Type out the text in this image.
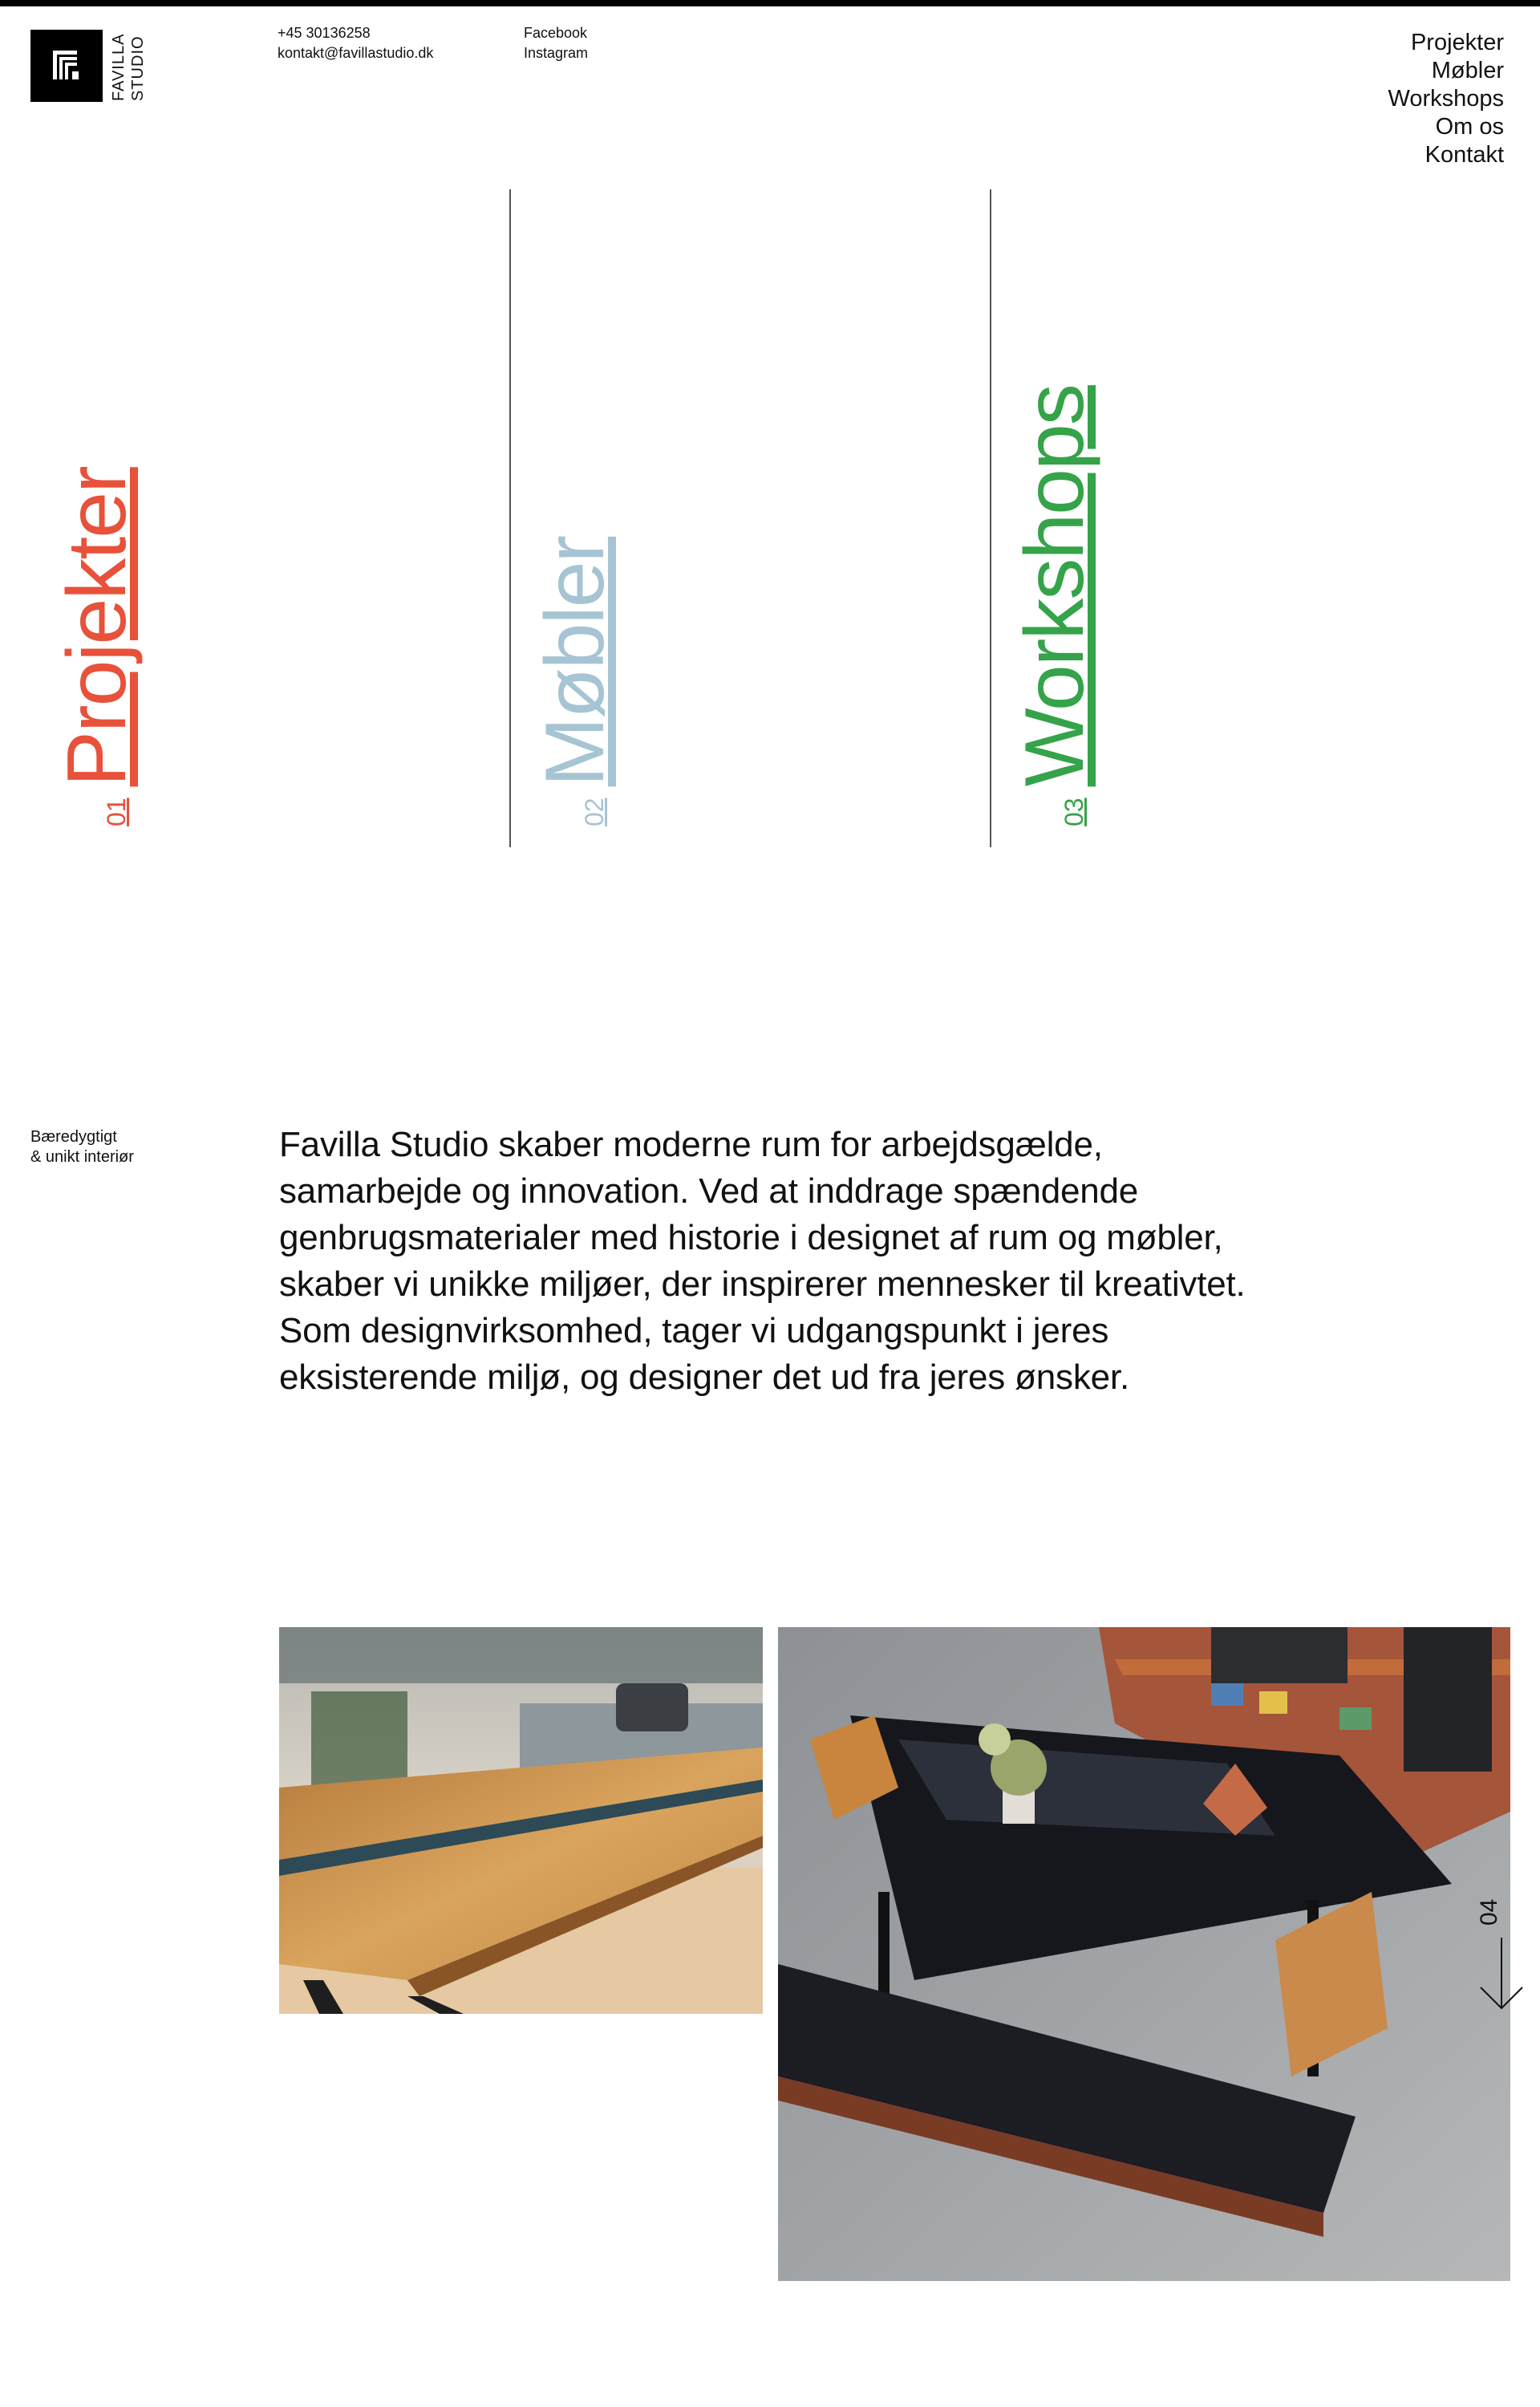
FAVILLA STUDIO
+45 30136258
kontakt@favillastudio.dk
Facebook
Instagram	Projekter
Møbler
Workshops
Om os
Kontakt
01
Projekter
02
Møbler
03
Workshops
Bæredygtigt
& unikt interiør	Favilla Studio skaber moderne rum for arbejdsgælde, samarbejde og innovation. Ved at inddrage spændende genbrugsmaterialer med historie i designet af rum og møbler, skaber vi unikke miljøer, der inspirerer mennesker til kreativtet. Som designvirksomhed, tager vi udgangspunkt i jeres eksisterende miljø, og designer det ud fra jeres ønsker.

04
